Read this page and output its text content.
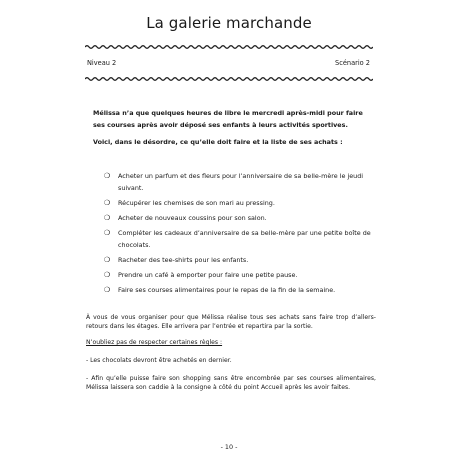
La galerie marchande
Niveau 2	Scénario 2
Mélissa n’a que quelques heures de libre le mercredi après-midi pour faire ses courses après avoir déposé ses enfants à leurs activités sportives.
Voici, dans le désordre, ce qu’elle doit faire et la liste de ses achats :
❍	Acheter un parfum et des fleurs pour l’anniversaire de sa belle-mère le jeudi suivant.
❍	Récupérer les chemises de son mari au pressing.
❍	Acheter de nouveaux coussins pour son salon.
❍	Compléter les cadeaux d’anniversaire de sa belle-mère par une petite boîte de chocolats.
❍	Racheter des tee-shirts pour les enfants.
❍	Prendre un café à emporter pour faire une petite pause.
❍	Faire ses courses alimentaires pour le repas de la fin de la semaine.
À vous de vous organiser pour que Mélissa réalise tous ses achats sans faire trop d’allers-retours dans les étages. Elle arrivera par l’entrée et repartira par la sortie.
N’oubliez pas de respecter certaines règles :
- Les chocolats devront être achetés en dernier.
- Afin qu’elle puisse faire son shopping sans être encombrée par ses courses alimentaires, Mélissa laissera son caddie à la consigne à côté du point Accueil après les avoir faites.
- 10 -
